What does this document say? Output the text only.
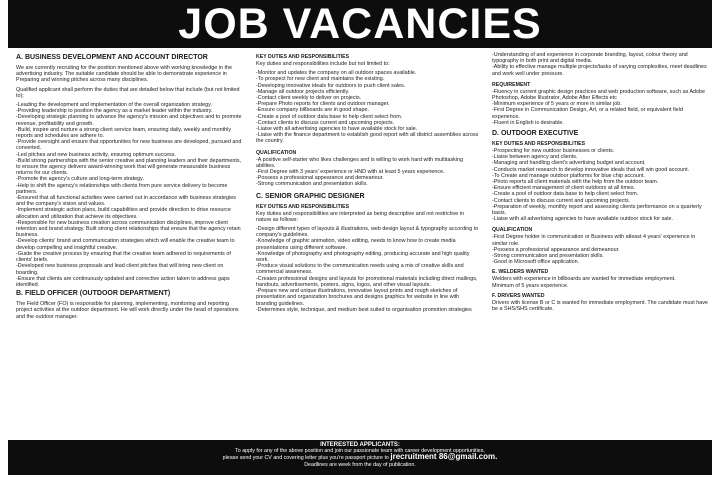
JOB VACANCIES
A. BUSINESS DEVELOPMENT AND ACCOUNT DIRECTOR

We are currently recruiting for the position mentioned above with working knowledge in the advertising industry. The suitable candidate should be able to demonstrate experience in Preparing and winning pitches across many disciplines.

Qualified applicant shall perform the duties that are detailed below that include (but not limited to);

-Leading the development and implementation of the overall organization strategy.
-Providing leadership to position the agency as a market leader within the industry.
-Developing strategic planning to advance the agency's mission and objectives and to promote revenue, profitability and growth.
-Build, inspire and nurture a strong client service team, ensuring daily, weekly and monthly reports and schedules are adhere to.
-Provide oversight and ensure that opportunities for new business are developed, pursued and converted.
-Led pitches and new business activity, ensuring optimum success.
-Build strong partnerships with the senior creative and planning leaders and their departments, to ensure the agency delivers award-winning work that will generate measurable business returns for our clients.
-Promote the agency's culture and long-term strategy.
-Help to shift the agency's relationships with clients from pure service delivery to become partners.
-Ensured that all functional activities were carried out in accordance with business strategies and the company's vision and values.
-Implement strategic action plans, build capabilities and provide direction to drive resource allocation and utilization that achieve its objectives.
-Responsible for new business creation across communication disciplines, improve client retention and brand strategy. Built strong client relationships that ensure that the agency retain business.
-Develop clients' brand and communication strategies which will enable the creative team to develop compelling and insightful creative.
-Guide the creative process by ensuring that the creative team adhered to requirements of clients' briefs.
-Developed new business proposals and lead client pitches that will bring new client on boarding.
-Ensure that clients are continuously updated and corrective action taken to address gaps identified.
B. FIELD OFFICER (OUTDOOR DEPARTMENT)

The Field Officer (FO) is responsible for planning, implementing, monitoring and reporting project activities at the outdoor department. He will work directly under the head of operations and the outdoor manager.

KEY DUTIES AND RESPONSIBILITIES

Key duties and responsibilities include but not limited to:

-Monitor and updates the company on all outdoor spaces available.
-To prospect for new client and maintains the existing.
-Developing innovative ideals for outdoors to push client sales.
-Manage all outdoor projects efficiently.
-Contact client weekly to deliver on projects.
-Prepare Photo reports for clients and outdoor manager.
-Ensure company billboards are in good shape.
-Create a pool of outdoor data base to help client select from.
-Contact clients to discuss current and upcoming projects.
-Liaise with all advertising agencies to have available stock for sale.
-Liaise with the finance department to establish good report with all district assemblies across the country.
QUALIFICATION
-A positive self-starter who likes challenges and is willing to work hard with multitasking abilities.
-First Degree with 3 years' experience or HND with at least 5 years experience.
-Possess a professional appearance and demeanour.
-Strong communication and presentation skills.
C. SENIOR GRAPHIC DESIGNER
KEY DUTIES AND RESPONSIBILITIES

Key duties and responsibilities are interpreted as being descriptive and not restrictive in nature as follows:

-Design different types of layouts & illustrations, web design layout & typography according to company's guidelines.
-Knowledge of graphic animation, video editing, needs to know how to create media presentations using different software.
-Knowledge of photography and photography editing, producing accurate and high quality work.
-Produce visual solutions to the communication needs using a mix of creative skills and commercial awareness.
-Creates professional designs and layouts for promotional materials including direct mailings, handouts, advertisements, posters, signs, logos, and other visual layouts.
-Prepare new and unique illustrations, innovative layout prints and rough sketches of presentation and organization brochures and designs graphics for website in line with branding guidelines.
-Determines style, technique, and medium best suited to organisation promotion strategies
-Understanding of and experience in corporate branding, layout, colour theory and typography in both print and digital media.
-Ability to effective manage multiple projects/tasks of varying complexities, meet deadlines and work well under pressure.
REQUIREMENT
-Fluency in current graphic design practices and web production software, such as Adobe Photoshop, Adobe Illustrator, Adobe After Effects etc
-Minimum experience of 5 years or more in similar job.
-First Degree in Communication Design, Art, or a related field, or equivalent field experience.
-Fluent in English is desirable.
D. OUTDOOR EXECUTIVE
KEY DUTIES AND RESPONSIBILITIES
-Prospecting for new outdoor businesses or clients.
-Liaise between agency and clients.
-Managing and handling client's advertising budget and account.
-Conducts market research to develop innovative ideals that will win good account.
-To Create and manage outdoor platforms for blue chip account.
-Photo reports all client materials with the help from the outdoor team.
-Ensure efficient management of client outdoors at all times.
-Create a pool of outdoor data base to help client select from.
-Contact clients to discuss current and upcoming projects.
-Preparation of weekly, monthly report and assessing clients performance on a quarterly basis.
-Liaise with all advertising agencies to have available outdoor stock for sale.
QUALIFICATION
-First Degree holder in communication or Business with atleast 4 years' experience in similar role.
-Possess a professional appearance and demeanour.
-Strong communication and presentation skills.
-Good in Microsoft office application.
E. WELDERS WANTED
Welders with experience in billboards are wanted for immediate employment.
Minimum of 5 years experience.
F. DRIVERS WANTED
Drivers with license B or C is wanted for immediate employment. The candidate must have be a SHS/SHS certificate.
INTERESTED APPLICANTS:
To apply for any of the above position and join our passionate team with career development opportunities,
please send your CV and covering letter plus you're passport picture to jrecruitment 86@gmail.com.
Deadlines are week from the day of publication.
